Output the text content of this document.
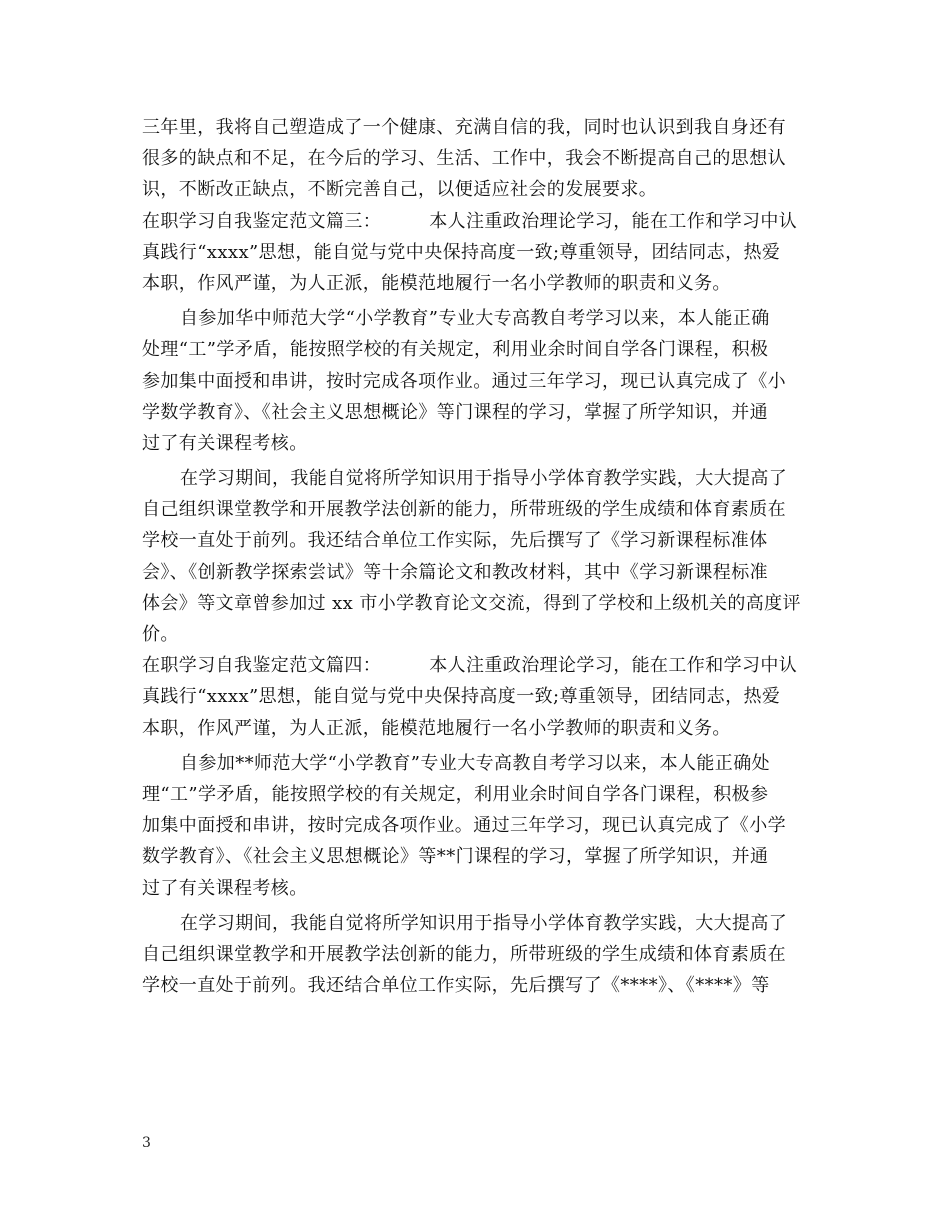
三年里，我将自己塑造成了一个健康、充满自信的我，同时也认识到我自身还有
很多的缺点和不足，在今后的学习、生活、工作中，我会不断提高自己的思想认
识，不断改正缺点，不断完善自己，以便适应社会的发展要求。
在职学习自我鉴定范文篇三：	本人注重政治理论学习，能在工作和学习中认
真践行“xxxx”思想，能自觉与党中央保持高度一致;尊重领导，团结同志，热爱
本职，作风严谨，为人正派，能模范地履行一名小学教师的职责和义务。
自参加华中师范大学“小学教育”专业大专高教自考学习以来，本人能正确
处理“工”学矛盾，能按照学校的有关规定，利用业余时间自学各门课程，积极
参加集中面授和串讲，按时完成各项作业。通过三年学习，现已认真完成了《小
学数学教育》、《社会主义思想概论》等门课程的学习，掌握了所学知识，并通
过了有关课程考核。
在学习期间，我能自觉将所学知识用于指导小学体育教学实践，大大提高了
自己组织课堂教学和开展教学法创新的能力，所带班级的学生成绩和体育素质在
学校一直处于前列。我还结合单位工作实际，先后撰写了《学习新课程标准体
会》、《创新教学探索尝试》等十余篇论文和教改材料，其中《学习新课程标准
体会》等文章曾参加过 xx 市小学教育论文交流，得到了学校和上级机关的高度评
价。
在职学习自我鉴定范文篇四：	本人注重政治理论学习，能在工作和学习中认
真践行“xxxx”思想，能自觉与党中央保持高度一致;尊重领导，团结同志，热爱
本职，作风严谨，为人正派，能模范地履行一名小学教师的职责和义务。
自参加**师范大学“小学教育”专业大专高教自考学习以来，本人能正确处
理“工”学矛盾，能按照学校的有关规定，利用业余时间自学各门课程，积极参
加集中面授和串讲，按时完成各项作业。通过三年学习，现已认真完成了《小学
数学教育》、《社会主义思想概论》等**门课程的学习，掌握了所学知识，并通
过了有关课程考核。
在学习期间，我能自觉将所学知识用于指导小学体育教学实践，大大提高了
自己组织课堂教学和开展教学法创新的能力，所带班级的学生成绩和体育素质在
学校一直处于前列。我还结合单位工作实际，先后撰写了《****》、《****》等
3
